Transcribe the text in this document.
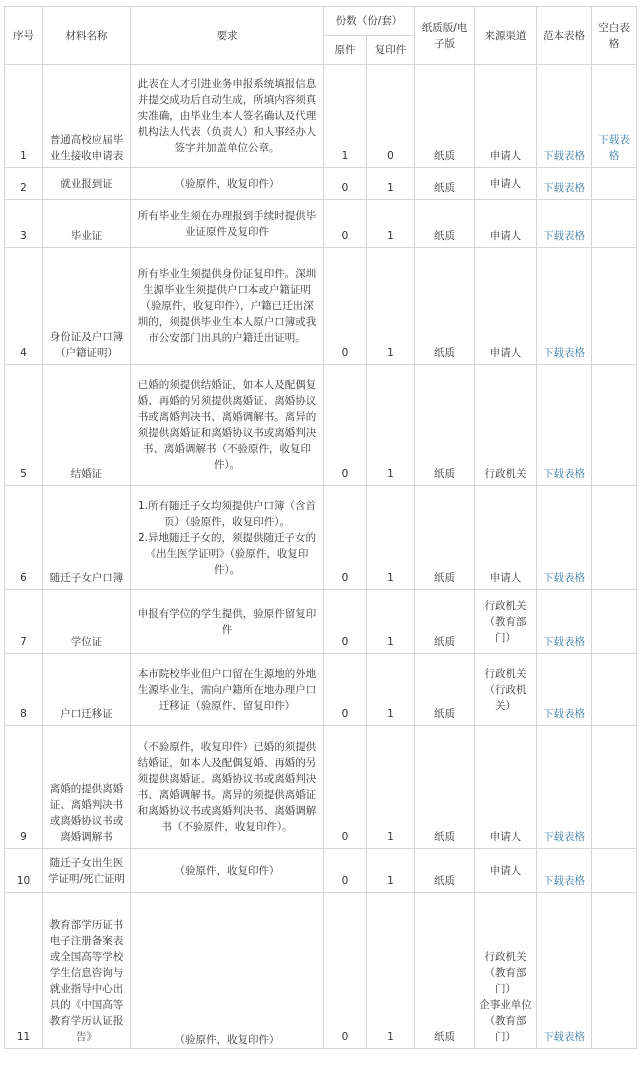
序号	材料名称	要求	份数（份/套）		纸质版/电子版	来源渠道	范本表格	空白表格
			原件	复印件				
1	普通高校应届毕业生接收申请表	此表在人才引进业务申报系统填报信息并提交成功后自动生成，所填内容须真实准确，由毕业生本人签名确认及代理机构法人代表（负责人）和人事经办人签字并加盖单位公章。	1	0	纸质	申请人	下载表格	下载表格
2	就业报到证	（验原件，收复印件）	0	1	纸质	申请人	下载表格	
3	毕业证	所有毕业生须在办理报到手续时提供毕业证原件及复印件	0	1	纸质	申请人	下载表格	
4	身份证及户口簿（户籍证明）	所有毕业生须提供身份证复印件。深圳生源毕业生须提供户口本或户籍证明（验原件，收复印件），户籍已迁出深圳的，须提供毕业生本人原户口簿或我市公安部门出具的户籍迁出证明。	0	1	纸质	申请人	下载表格	
5	结婚证	已婚的须提供结婚证，如本人及配偶复婚、再婚的另须提供离婚证、离婚协议书或离婚判决书、离婚调解书。离异的须提供离婚证和离婚协议书或离婚判决书、离婚调解书（不验原件，收复印件）。	0	1	纸质	行政机关	下载表格	
6	随迁子女户口簿	1.所有随迁子女均须提供户口簿（含首页）（验原件，收复印件）。
2.异地随迁子女的，须提供随迁子女的《出生医学证明》（验原件，收复印件）。	0	1	纸质	申请人	下载表格	
7	学位证	申报有学位的学生提供，验原件留复印件	0	1	纸质	行政机关（教育部门）	下载表格	
8	户口迁移证	本市院校毕业但户口留在生源地的外地生源毕业生，需向户籍所在地办理户口迁移证（验原件、留复印件）	0	1	纸质	行政机关（行政机关）	下载表格	
9	离婚的提供离婚证、离婚判决书或离婚协议书或离婚调解书	（不验原件，收复印件）已婚的须提供结婚证，如本人及配偶复婚、再婚的另须提供离婚证、离婚协议书或离婚判决书、离婚调解书。离异的须提供离婚证和离婚协议书或离婚判决书、离婚调解书（不验原件，收复印件）。	0	1	纸质	申请人	下载表格	
10	随迁子女出生医学证明/死亡证明	（验原件，收复印件）	0	1	纸质	申请人	下载表格	
11	教育部学历证书电子注册备案表或全国高等学校学生信息咨询与就业指导中心出具的《中国高等教育学历认证报告》	（验原件，收复印件）	0	1	纸质	行政机关（教育部门）
企事业单位（教育部门）	下载表格	
